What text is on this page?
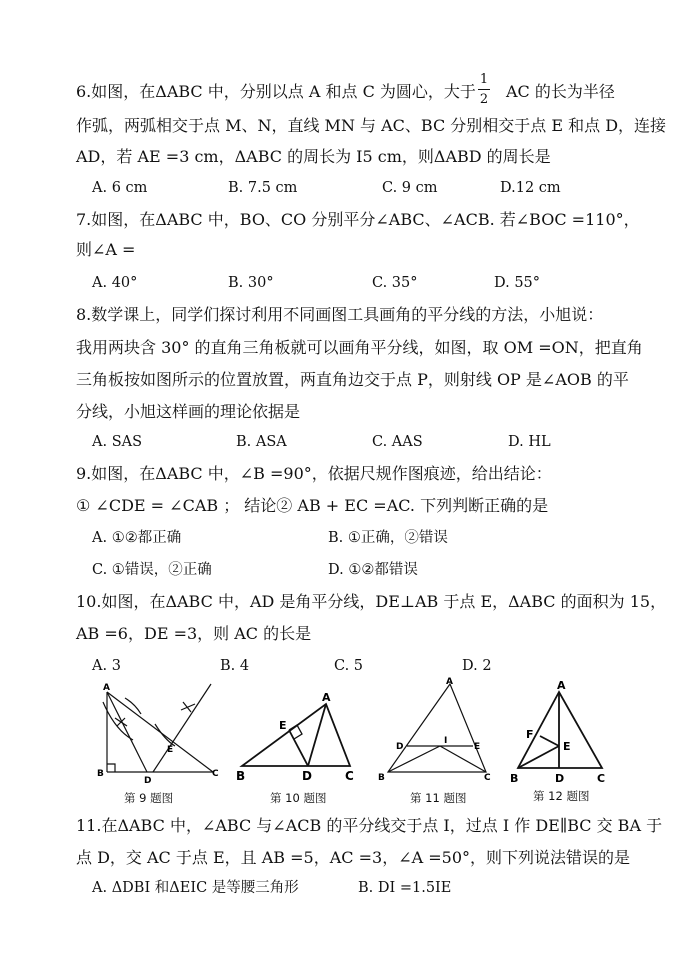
6.如图，在ΔABC 中，分别以点 A 和点 C 为圆心，大于
1
2 AC 的长为半径
作弧，两弧相交于点 M、N，直线 MN 与 AC、BC 分别相交于点 E 和点 D，连接
AD，若 AE =3 cm，ΔABC 的周长为 I5 cm，则ΔABD 的周长是
A. 6 cm	B. 7.5 cm	C. 9 cm	D.12 cm
7.如图，在ΔABC 中，BO、CO 分别平分∠ABC、∠ACB. 若∠BOC =110°，
则∠A =
A. 40°	B. 30°	C. 35°	D. 55°
8.数学课上，同学们探讨利用不同画图工具画角的平分线的方法，小旭说：
我用两块含 30° 的直角三角板就可以画角平分线，如图，取 OM =ON，把直角
三角板按如图所示的位置放置，两直角边交于点 P，则射线 OP 是∠AOB 的平
分线，小旭这样画的理论依据是
A. SAS	B. ASA	C. AAS	D. HL
9.如图，在ΔABC 中，∠B =90°，依据尺规作图痕迹，给出结论：
① ∠CDE = ∠CAB ； 结论② AB + EC =AC. 下列判断正确的是
A. ①②都正确	B. ①正确，②错误
C. ①错误，②正确	D. ①②都错误
10.如图，在ΔABC 中，AD 是角平分线，DE⊥AB 于点 E，ΔABC 的面积为 15，
AB =6，DE =3，则 AC 的长是
A. 3	B. 4	C. 5	D. 2
A
B
D
E
C
A
E
B	D	C
A
D
I
E
B	C
A
F
E
B	D	C
第 9 题图	第 10 题图	第 11 题图	第 12 题图
11.在ΔABC 中，∠ABC 与∠ACB 的平分线交于点 I，过点 I 作 DE∥BC 交 BA 于
点 D，交 AC 于点 E，且 AB =5，AC =3，∠A =50°，则下列说法错误的是
A. ΔDBI 和ΔEIC 是等腰三角形	B. DI =1.5IE
